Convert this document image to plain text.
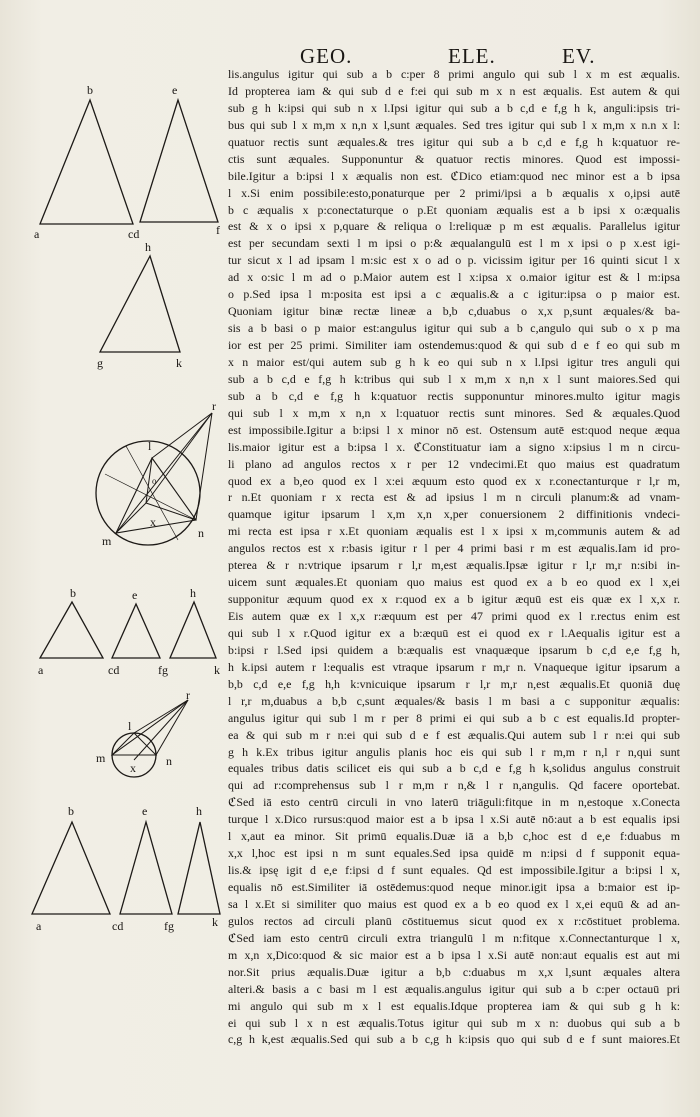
GEO.	ELE.	EV.
b	e
a	cd	f
h
g	k
r
l
o
x
m
n
b	e	h
a	cd	fg	k
r
l
m
x	n
b	e	h
a	cd	fg	k
lis.angulus igitur qui sub a b c:per 8 primi angulo qui sub l x m est æqualis.
Id propterea iam & qui sub d e f:ei qui sub m x n est æqualis. Est autem & qui
sub g h k:ipsi qui sub n x l.Ipsi igitur qui sub a b c,d e f,g h k, anguli:ipsis tri-
bus qui sub l x m,m x n,n x l,sunt æquales. Sed tres igitur qui sub l x m,m x n.n x l:
quatuor rectis sunt æquales.& tres igitur qui sub a b c,d e f,g h k:quatuor re-
ctis sunt æquales. Supponuntur & quatuor rectis minores. Quod est impossi-
bile.Igitur a b:ipsi l x æqualis non est. ℭDico etiam:quod nec minor est a b ipsa
l x.Si enim possibile:esto,ponaturque per 2 primi/ipsi a b æqualis x o,ipsi autē
b c æqualis x p:conectaturque o p.Et quoniam æqualis est a b ipsi x o:æqualis
est & x o ipsi x p,quare & reliqua o l:reliquæ p m est æqualis. Parallelus igitur
est per secundam sexti l m ipsi o p:& æqualangulū est l m x ipsi o p x.est igi-
tur sicut x l ad ipsam l m:sic est x o ad o p. vicissim igitur per 16 quinti sicut l x
ad x o:sic l m ad o p.Maior autem est l x:ipsa x o.maior igitur est & l m:ipsa
o p.Sed ipsa l m:posita est ipsi a c æqualis.& a c igitur:ipsa o p maior est.
Quoniam igitur binæ rectæ lineæ a b,b c,duabus o x,x p,sunt æquales/& ba-
sis a b basi o p maior est:angulus igitur qui sub a b c,angulo qui sub o x p ma
ior est per 25 primi. Similiter iam ostendemus:quod & qui sub d e f eo qui sub m
x n maior est/qui autem sub g h k eo qui sub n x l.Ipsi igitur tres anguli qui
sub a b c,d e f,g h k:tribus qui sub l x m,m x n,n x l sunt maiores.Sed qui
sub a b c,d e f,g h k:quatuor rectis supponuntur minores.multo igitur magis
qui sub l x m,m x n,n x l:quatuor rectis sunt minores. Sed & æquales.Quod
est impossibile.Igitur a b:ipsi l x minor nō est. Ostensum autē est:quod neque æqua
lis.maior igitur est a b:ipsa l x. ℭConstituatur iam a signo x:ipsius l m n circu-
li plano ad angulos rectos x r per 12 vndecimi.Et quo maius est quadratum
quod ex a b,eo quod ex l x:ei æquum esto quod ex x r.conectanturque r l,r m,
r n.Et quoniam r x recta est & ad ipsius l m n circuli planum:& ad vnam-
quamque igitur ipsarum l x,m x,n x,per conuersionem 2 diffinitionis vndeci-
mi recta est ipsa r x.Et quoniam æqualis est l x ipsi x m,communis autem & ad
angulos rectos est x r:basis igitur r l per 4 primi basi r m est æqualis.Iam id pro-
pterea & r n:vtrique ipsarum r l,r m,est æqualis.Ipsæ igitur r l,r m,r n:sibi in-
uicem sunt æquales.Et quoniam quo maius est quod ex a b eo quod ex l x,ei
supponitur æquum quod ex x r:quod ex a b igitur æquū est eis quæ ex l x,x r.
Eis autem quæ ex l x,x r:æquum est per 47 primi quod ex l r.rectus enim est
qui sub l x r.Quod igitur ex a b:æquū est ei quod ex r l.Aequalis igitur est a
b:ipsi r l.Sed ipsi quidem a b:æqualis est vnaquæque ipsarum b c,d e,e f,g h,
h k.ipsi autem r l:equalis est vtraque ipsarum r m,r n. Vnaqueque igitur ipsarum a
b,b c,d e,e f,g h,h k:vnicuique ipsarum r l,r m,r n,est æqualis.Et quoniā duę
l r,r m,duabus a b,b c,sunt æquales/& basis l m basi a c supponitur æqualis:
angulus igitur qui sub l m r per 8 primi ei qui sub a b c est equalis.Id propter-
ea & qui sub m r n:ei qui sub d e f est æqualis.Qui autem sub l r n:ei qui sub
g h k.Ex tribus igitur angulis planis hoc eis qui sub l r m,m r n,l r n,qui sunt
equales tribus datis scilicet eis qui sub a b c,d e f,g h k,solidus angulus construit
qui ad r:comprehensus sub l r m,m r n,& l r n,angulis. Qd facere oportebat.
ℭSed iā esto centrū circuli in vno laterū triāguli:fitque in m n,estoque x.Conecta
turque l x.Dico rursus:quod maior est a b ipsa l x.Si autē nō:aut a b est equalis ipsi
l x,aut ea minor. Sit primū equalis.Duæ iā a b,b c,hoc est d e,e f:duabus m
x,x l,hoc est ipsi n m sunt equales.Sed ipsa quidē m n:ipsi d f supponit equa-
lis.& ipsę igit d e,e f:ipsi d f sunt equales. Qd est impossibile.Igitur a b:ipsi l x,
equalis nō est.Similiter iā ostēdemus:quod neque minor.igit ipsa a b:maior est ip-
sa l x.Et si similiter quo maius est quod ex a b eo quod ex l x,ei equū & ad an-
gulos rectos ad circuli planū cōstituemus sicut quod ex x r:cōstituet problema.
ℭSed iam esto centrū circuli extra triangulū l m n:fitque x.Connectanturque l x,
m x,n x,Dico:quod & sic maior est a b ipsa l x.Si autē non:aut equalis est aut mi
nor.Sit prius æqualis.Duæ igitur a b,b c:duabus m x,x l,sunt æquales altera
alteri.& basis a c basi m l est æqualis.angulus igitur qui sub a b c:per octauū pri
mi angulo qui sub m x l est equalis.Idque propterea iam & qui sub g h k:
ei qui sub l x n est æqualis.Totus igitur qui sub m x n: duobus qui sub a b
c,g h k,est æqualis.Sed qui sub a b c,g h k:ipsis quo qui sub d e f sunt maiores.Et
